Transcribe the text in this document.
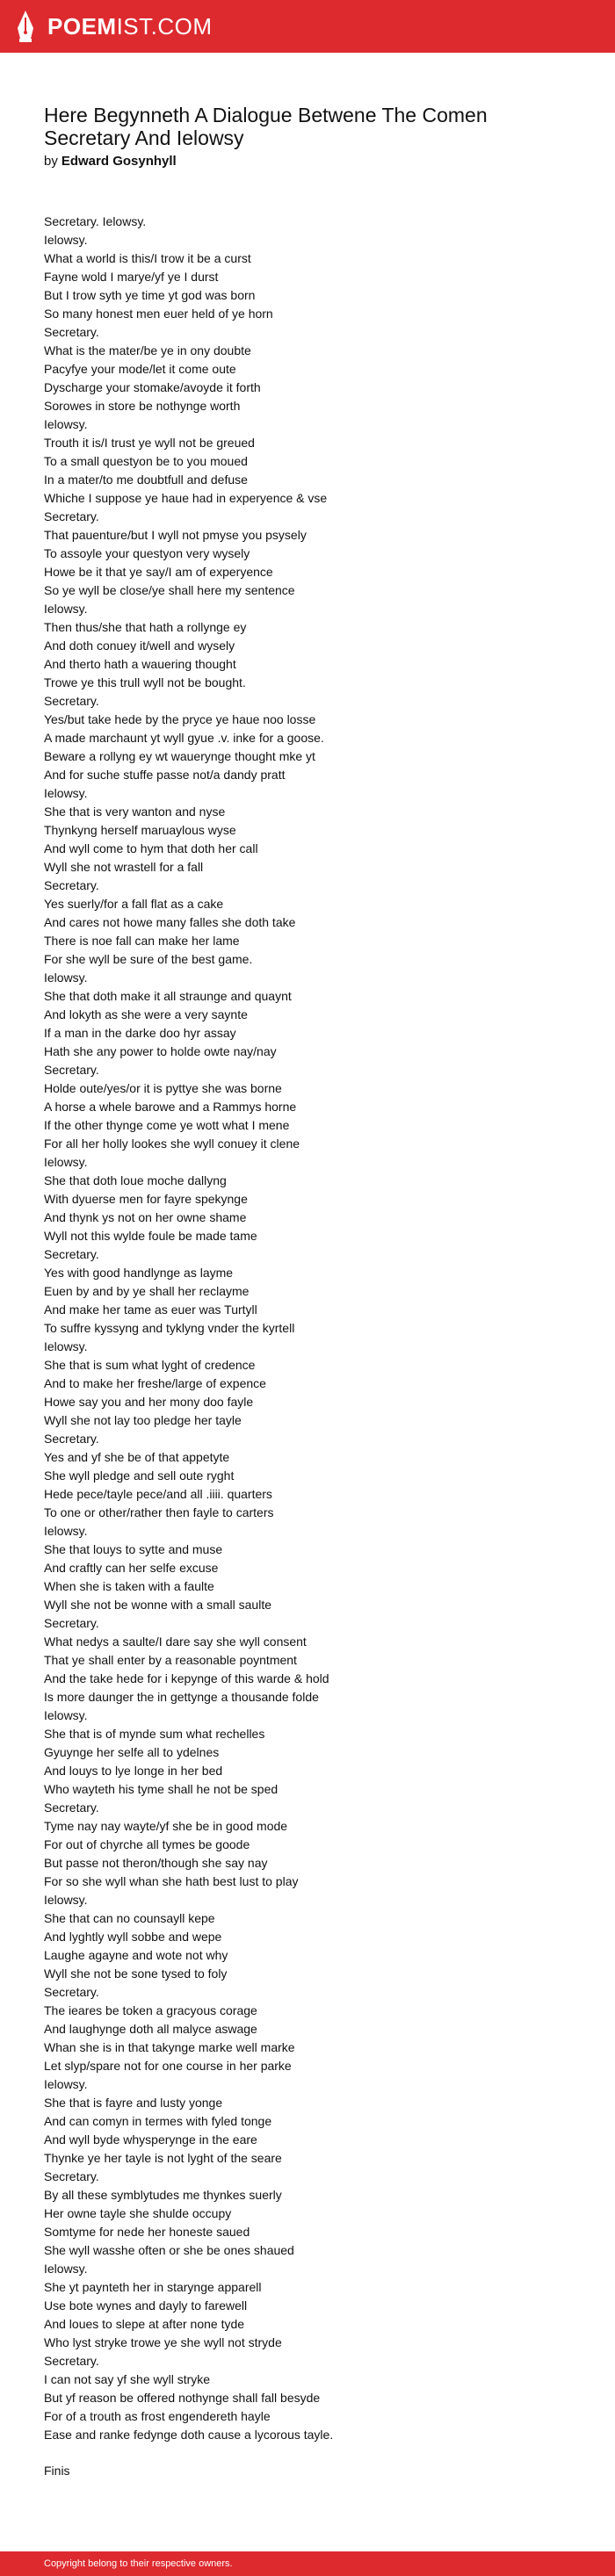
POEMIST.COM
Here Begynneth A Dialogue Betwene The Comen Secretary And Ielowsy
by Edward Gosynhyll
Secretary. Ielowsy.
Ielowsy.
What a world is this/I trow it be a curst
Fayne wold I marye/yf ye I durst
But I trow syth ye time yt god was born
So many honest men euer held of ye horn
Secretary.
What is the mater/be ye in ony doubte
Pacyfye your mode/let it come oute
Dyscharge your stomake/avoyde it forth
Sorowes in store be nothynge worth
Ielowsy.
Trouth it is/I trust ye wyll not be greued
To a small questyon be to you moued
In a mater/to me doubtfull and defuse
Whiche I suppose ye haue had in experyence & vse
Secretary.
That pauenture/but I wyll not pmyse you psysely
To assoyle your questyon very wysely
Howe be it that ye say/I am of experyence
So ye wyll be close/ye shall here my sentence
Ielowsy.
Then thus/she that hath a rollynge ey
And doth conuey it/well and wysely
And therto hath a wauering thought
Trowe ye this trull wyll not be bought.
Secretary.
Yes/but take hede by the pryce ye haue noo losse
A made marchaunt yt wyll gyue .v. inke for a goose.
Beware a rollyng ey wt wauerynge thought mke yt
And for suche stuffe passe not/a dandy pratt
Ielowsy.
She that is very wanton and nyse
Thynkyng herself maruaylous wyse
And wyll come to hym that doth her call
Wyll she not wrastell for a fall
Secretary.
Yes suerly/for a fall flat as a cake
And cares not howe many falles she doth take
There is noe fall can make her lame
For she wyll be sure of the best game.
Ielowsy.
She that doth make it all straunge and quaynt
And lokyth as she were a very saynte
If a man in the darke doo hyr assay
Hath she any power to holde owte nay/nay
Secretary.
Holde oute/yes/or it is pyttye she was borne
A horse a whele barowe and a Rammys horne
If the other thynge come ye wott what I mene
For all her holly lookes she wyll conuey it clene
Ielowsy.
She that doth loue moche dallyng
With dyuerse men for fayre spekynge
And thynk ys not on her owne shame
Wyll not this wylde foule be made tame
Secretary.
Yes with good handlynge as layme
Euen by and by ye shall her reclayme
And make her tame as euer was Turtyll
To suffre kyssyng and tyklyng vnder the kyrtell
Ielowsy.
She that is sum what lyght of credence
And to make her freshe/large of expence
Howe say you and her mony doo fayle
Wyll she not lay too pledge her tayle
Secretary.
Yes and yf she be of that appetyte
She wyll pledge and sell oute ryght
Hede pece/tayle pece/and all .iiii. quarters
To one or other/rather then fayle to carters
Ielowsy.
She that louys to sytte and muse
And craftly can her selfe excuse
When she is taken with a faulte
Wyll she not be wonne with a small saulte
Secretary.
What nedys a saulte/I dare say she wyll consent
That ye shall enter by a reasonable poyntment
And the take hede for i kepynge of this warde & hold
Is more daunger the in gettynge a thousande folde
Ielowsy.
She that is of mynde sum what rechelles
Gyuynge her selfe all to ydelnes
And louys to lye longe in her bed
Who wayteth his tyme shall he not be sped
Secretary.
Tyme nay nay wayte/yf she be in good mode
For out of chyrche all tymes be goode
But passe not theron/though she say nay
For so she wyll whan she hath best lust to play
Ielowsy.
She that can no counsayll kepe
And lyghtly wyll sobbe and wepe
Laughe agayne and wote not why
Wyll she not be sone tysed to foly
Secretary.
The ieares be token a gracyous corage
And laughynge doth all malyce aswage
Whan she is in that takynge marke well marke
Let slyp/spare not for one course in her parke
Ielowsy.
She that is fayre and lusty yonge
And can comyn in termes with fyled tonge
And wyll byde whysperynge in the eare
Thynke ye her tayle is not lyght of the seare
Secretary.
By all these symblytudes me thynkes suerly
Her owne tayle she shulde occupy
Somtyme for nede her honeste saued
She wyll wasshe often or she be ones shaued
Ielowsy.
She yt paynteth her in starynge apparell
Use bote wynes and dayly to farewell
And loues to slepe at after none tyde
Who lyst stryke trowe ye she wyll not stryde
Secretary.
I can not say yf she wyll stryke
But yf reason be offered nothynge shall fall besyde
For of a trouth as frost engendereth hayle
Ease and ranke fedynge doth cause a lycorous tayle.
Finis
Copyright belong to their respective owners.
